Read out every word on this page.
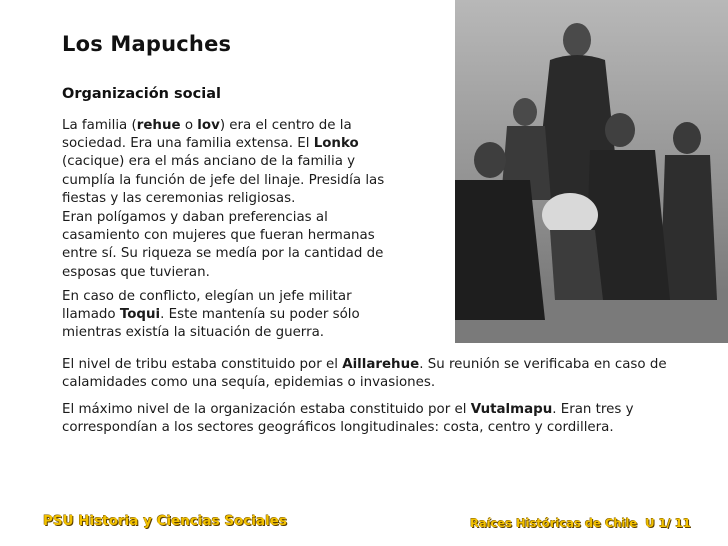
Los Mapuches
Organización social

La familia (rehue o lov) era el centro de la sociedad. Era una familia extensa. El Lonko (cacique) era el más anciano de la familia y cumplía la función de jefe del linaje. Presidía las fiestas y las ceremonias religiosas.

Eran polígamos y daban preferencias al casamiento con mujeres que fueran hermanas entre sí. Su riqueza se medía por la cantidad de esposas que tuvieran.

En caso de conflicto, elegían un jefe militar llamado Toqui. Este mantenía su poder sólo mientras existía la situación de guerra.

El nivel de tribu estaba constituido por el Aillarehue. Su reunión se verificaba en caso de calamidades como una sequía, epidemias o invasiones.

El máximo nivel de la organización estaba constituido por el Vutalmapu. Eran tres y correspondían a los sectores geográficos longitudinales: costa, centro y cordillera.

PSU Historia y Ciencias Sociales	Raíces Históricas de Chile U 1/ 11
